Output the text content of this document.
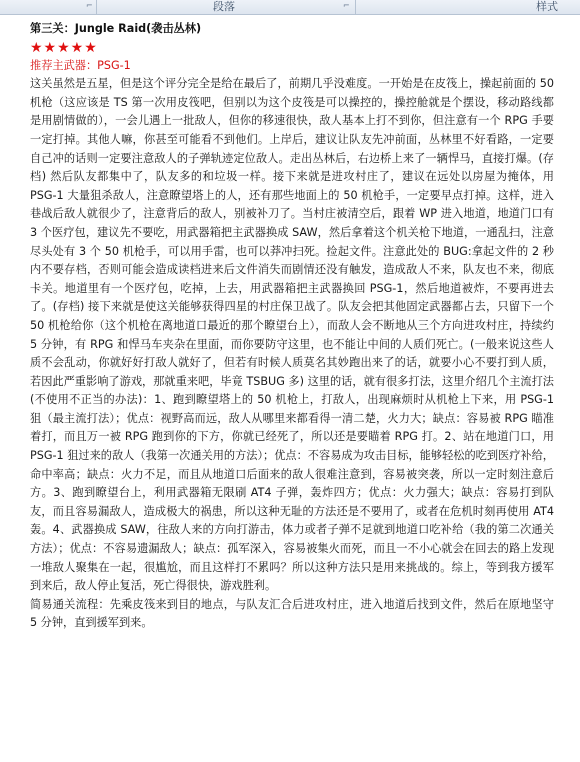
⌐	段落	⌐	样式

第三关：Jungle Raid(袭击丛林)

★★★★★

推荐主武器：PSG-1

这关虽然是五星，但是这个评分完全是给在最后了，前期几乎没难度。一开始是在皮筏上，操起前面的 50 机枪（这应该是 TS 第一次用皮筏吧，但别以为这个皮筏是可以操控的，操控舱就是个摆设，移动路线都是用剧情做的），一会儿遇上一批敌人，但你的移速很快，敌人基本上打不到你，但注意有一个 RPG 手要一定打掉。其他人嘛，你甚至可能看不到他们。上岸后，建议让队友先冲前面，丛林里不好看路，一定要自己冲的话则一定要注意敌人的子弹轨迹定位敌人。走出丛林后，右边桥上来了一辆悍马，直接打爆。(存档) 然后队友都集中了，队友多的和垃圾一样。接下来就是进攻村庄了，建议在远处以房屋为掩体，用 PSG-1 大量狙杀敌人，注意瞭望塔上的人，还有那些地面上的 50 机枪手，一定要早点打掉。这样，进入巷战后敌人就很少了，注意背后的敌人，别被补刀了。当村庄被清空后，跟着 WP 进入地道，地道门口有 3 个医疗包，建议先不要吃，用武器箱把主武器换成 SAW，然后拿着这个机关枪下地道，一通乱扫，注意尽头处有 3 个 50 机枪手，可以用手雷，也可以莽冲扫死。捡起文件。注意此处的 BUG:拿起文件的 2 秒内不要存档，否则可能会造成读档进来后文件消失而剧情还没有触发，造成敌人不来，队友也不来，彻底卡关。地道里有一个医疗包，吃掉，上去，用武器箱把主武器换回 PSG-1，然后地道被炸，不要再进去了。(存档) 接下来就是使这关能够获得四星的村庄保卫战了。队友会把其他固定武器都占去，只留下一个 50 机枪给你（这个机枪在离地道口最近的那个瞭望台上），而敌人会不断地从三个方向进攻村庄，持续约 5 分钟，有 RPG 和悍马车夹杂在里面，而你要防守这里，也不能让中间的人质们死亡。(一般来说这些人质不会乱动，你就好好打敌人就好了，但若有时候人质莫名其妙跑出来了的话，就要小心不要打到人质，若因此严重影响了游戏，那就重来吧，毕竟 TSBUG 多) 这里的话，就有很多打法，这里介绍几个主流打法 (不使用不正当的办法)：1、跑到瞭望塔上的 50 机枪上，打敌人，出现麻烦时从机枪上下来，用 PSG-1 狙（最主流打法）；优点：视野高而远，敌人从哪里来都看得一清二楚，火力大；缺点：容易被 RPG 瞄准着打，而且万一被 RPG 跑到你的下方，你就已经死了，所以还是要瞄着 RPG 打。2、站在地道门口，用 PSG-1 狙过来的敌人（我第一次通关用的方法）；优点：不容易成为攻击目标，能够轻松的吃到医疗补给，命中率高；缺点：火力不足，而且从地道口后面来的敌人很难注意到，容易被突袭，所以一定时刻注意后方。3、跑到瞭望台上，利用武器箱无限刷 AT4 子弹，轰炸四方；优点：火力强大；缺点：容易打到队友，而且容易漏敌人，造成极大的祸患，所以这种无耻的方法还是不要用了，或者在危机时刻再使用 AT4 轰。4、武器换成 SAW，往敌人来的方向打游击，体力或者子弹不足就到地道口吃补给（我的第二次通关方法）；优点：不容易遗漏敌人；缺点：孤军深入，容易被集火而死，而且一不小心就会在回去的路上发现一堆敌人聚集在一起，很尴尬，而且这样打不累吗？所以这种方法只是用来挑战的。综上，等到我方援军到来后，敌人停止复活，死亡得很快，游戏胜利。

简易通关流程：先乘皮筏来到目的地点，与队友汇合后进攻村庄，进入地道后找到文件，然后在原地坚守 5 分钟，直到援军到来。
